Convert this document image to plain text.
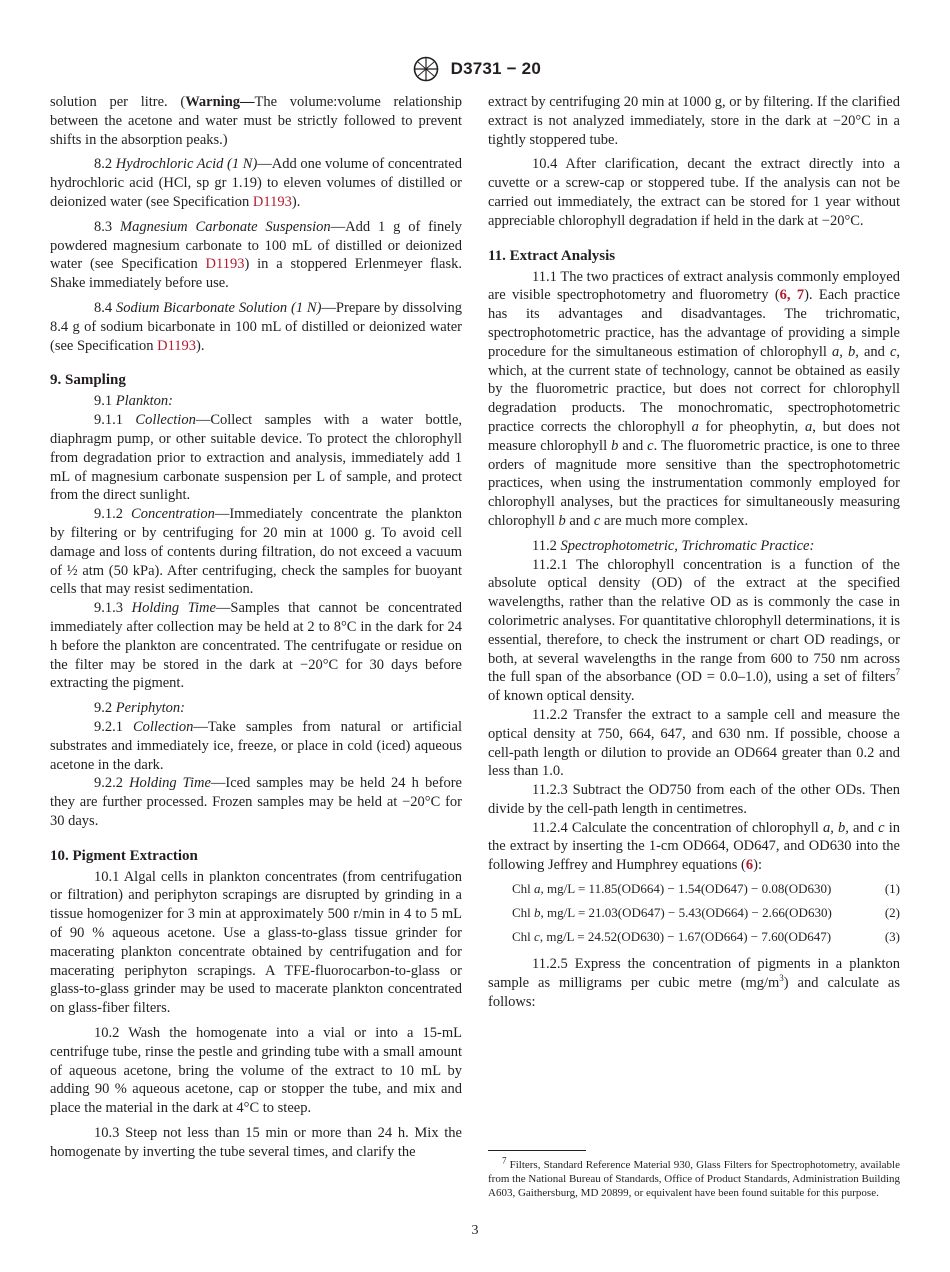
D3731 − 20

solution per litre. (Warning—The volume:volume relationship between the acetone and water must be strictly followed to prevent shifts in the absorption peaks.)

8.2 Hydrochloric Acid (1 N)—Add one volume of concentrated hydrochloric acid (HCl, sp gr 1.19) to eleven volumes of distilled or deionized water (see Specification D1193).

8.3 Magnesium Carbonate Suspension—Add 1 g of finely powdered magnesium carbonate to 100 mL of distilled or deionized water (see Specification D1193) in a stoppered Erlenmeyer flask. Shake immediately before use.

8.4 Sodium Bicarbonate Solution (1 N)—Prepare by dissolving 8.4 g of sodium bicarbonate in 100 mL of distilled or deionized water (see Specification D1193).

9. Sampling

9.1 Plankton:

9.1.1 Collection—Collect samples with a water bottle, diaphragm pump, or other suitable device. To protect the chlorophyll from degradation prior to extraction and analysis, immediately add 1 mL of magnesium carbonate suspension per L of sample, and protect from the direct sunlight.

9.1.2 Concentration—Immediately concentrate the plankton by filtering or by centrifuging for 20 min at 1000 g. To avoid cell damage and loss of contents during filtration, do not exceed a vacuum of ½ atm (50 kPa). After centrifuging, check the samples for buoyant cells that may resist sedimentation.

9.1.3 Holding Time—Samples that cannot be concentrated immediately after collection may be held at 2 to 8°C in the dark for 24 h before the plankton are concentrated. The centrifugate or residue on the filter may be stored in the dark at −20°C for 30 days before extracting the pigment.

9.2 Periphyton:

9.2.1 Collection—Take samples from natural or artificial substrates and immediately ice, freeze, or place in cold (iced) aqueous acetone in the dark.

9.2.2 Holding Time—Iced samples may be held 24 h before they are further processed. Frozen samples may be held at −20°C for 30 days.

10. Pigment Extraction

10.1 Algal cells in plankton concentrates (from centrifugation or filtration) and periphyton scrapings are disrupted by grinding in a tissue homogenizer for 3 min at approximately 500 r/min in 4 to 5 mL of 90 % aqueous acetone. Use a glass-to-glass tissue grinder for macerating plankton concentrate obtained by centrifugation and for macerating periphyton scrapings. A TFE-fluorocarbon-to-glass or glass-to-glass grinder may be used to macerate plankton concentrated on glass-fiber filters.

10.2 Wash the homogenate into a vial or into a 15-mL centrifuge tube, rinse the pestle and grinding tube with a small amount of aqueous acetone, bring the volume of the extract to 10 mL by adding 90 % aqueous acetone, cap or stopper the tube, and mix and place the material in the dark at 4°C to steep.

10.3 Steep not less than 15 min or more than 24 h. Mix the homogenate by inverting the tube several times, and clarify the

extract by centrifuging 20 min at 1000 g, or by filtering. If the clarified extract is not analyzed immediately, store in the dark at −20°C in a tightly stoppered tube.

10.4 After clarification, decant the extract directly into a cuvette or a screw-cap or stoppered tube. If the analysis can not be carried out immediately, the extract can be stored for 1 year without appreciable chlorophyll degradation if held in the dark at −20°C.

11. Extract Analysis

11.1 The two practices of extract analysis commonly employed are visible spectrophotometry and fluorometry (6, 7). Each practice has its advantages and disadvantages. The trichromatic, spectrophotometric practice, has the advantage of providing a simple procedure for the simultaneous estimation of chlorophyll a, b, and c, which, at the current state of technology, cannot be obtained as easily by the fluorometric practice, but does not correct for chlorophyll degradation products. The monochromatic, spectrophotometric practice corrects the chlorophyll a for pheophytin, a, but does not measure chlorophyll b and c. The fluorometric practice, is one to three orders of magnitude more sensitive than the spectrophotometric practices, when using the instrumentation commonly employed for chlorophyll analyses, but the practices for simultaneously measuring chlorophyll b and c are much more complex.

11.2 Spectrophotometric, Trichromatic Practice:

11.2.1 The chlorophyll concentration is a function of the absolute optical density (OD) of the extract at the specified wavelengths, rather than the relative OD as is commonly the case in colorimetric analyses. For quantitative chlorophyll determinations, it is essential, therefore, to check the instrument or chart OD readings, or both, at several wavelengths in the range from 600 to 750 nm across the full span of the absorbance (OD = 0.0–1.0), using a set of filters$^7$ of known optical density.

11.2.2 Transfer the extract to a sample cell and measure the optical density at 750, 664, 647, and 630 nm. If possible, choose a cell-path length or dilution to provide an OD664 greater than 0.2 and less than 1.0.

11.2.3 Subtract the OD750 from each of the other ODs. Then divide by the cell-path length in centimetres.

11.2.4 Calculate the concentration of chlorophyll a, b, and c in the extract by inserting the 1-cm OD664, OD647, and OD630 into the following Jeffrey and Humphrey equations (6):

Chl a, mg/L = 11.85(OD664) − 1.54(OD647) − 0.08(OD630)	(1)
Chl b, mg/L = 21.03(OD647) − 5.43(OD664) − 2.66(OD630)	(2)
Chl c, mg/L = 24.52(OD630) − 1.67(OD664) − 7.60(OD647)	(3)

11.2.5 Express the concentration of pigments in a plankton sample as milligrams per cubic metre $(mg/m^3)$ and calculate as follows:

$^7$ Filters, Standard Reference Material 930, Glass Filters for Spectrophotometry, available from the National Bureau of Standards, Office of Product Standards, Administration Building A603, Gaithersburg, MD 20899, or equivalent have been found suitable for this purpose.

3
